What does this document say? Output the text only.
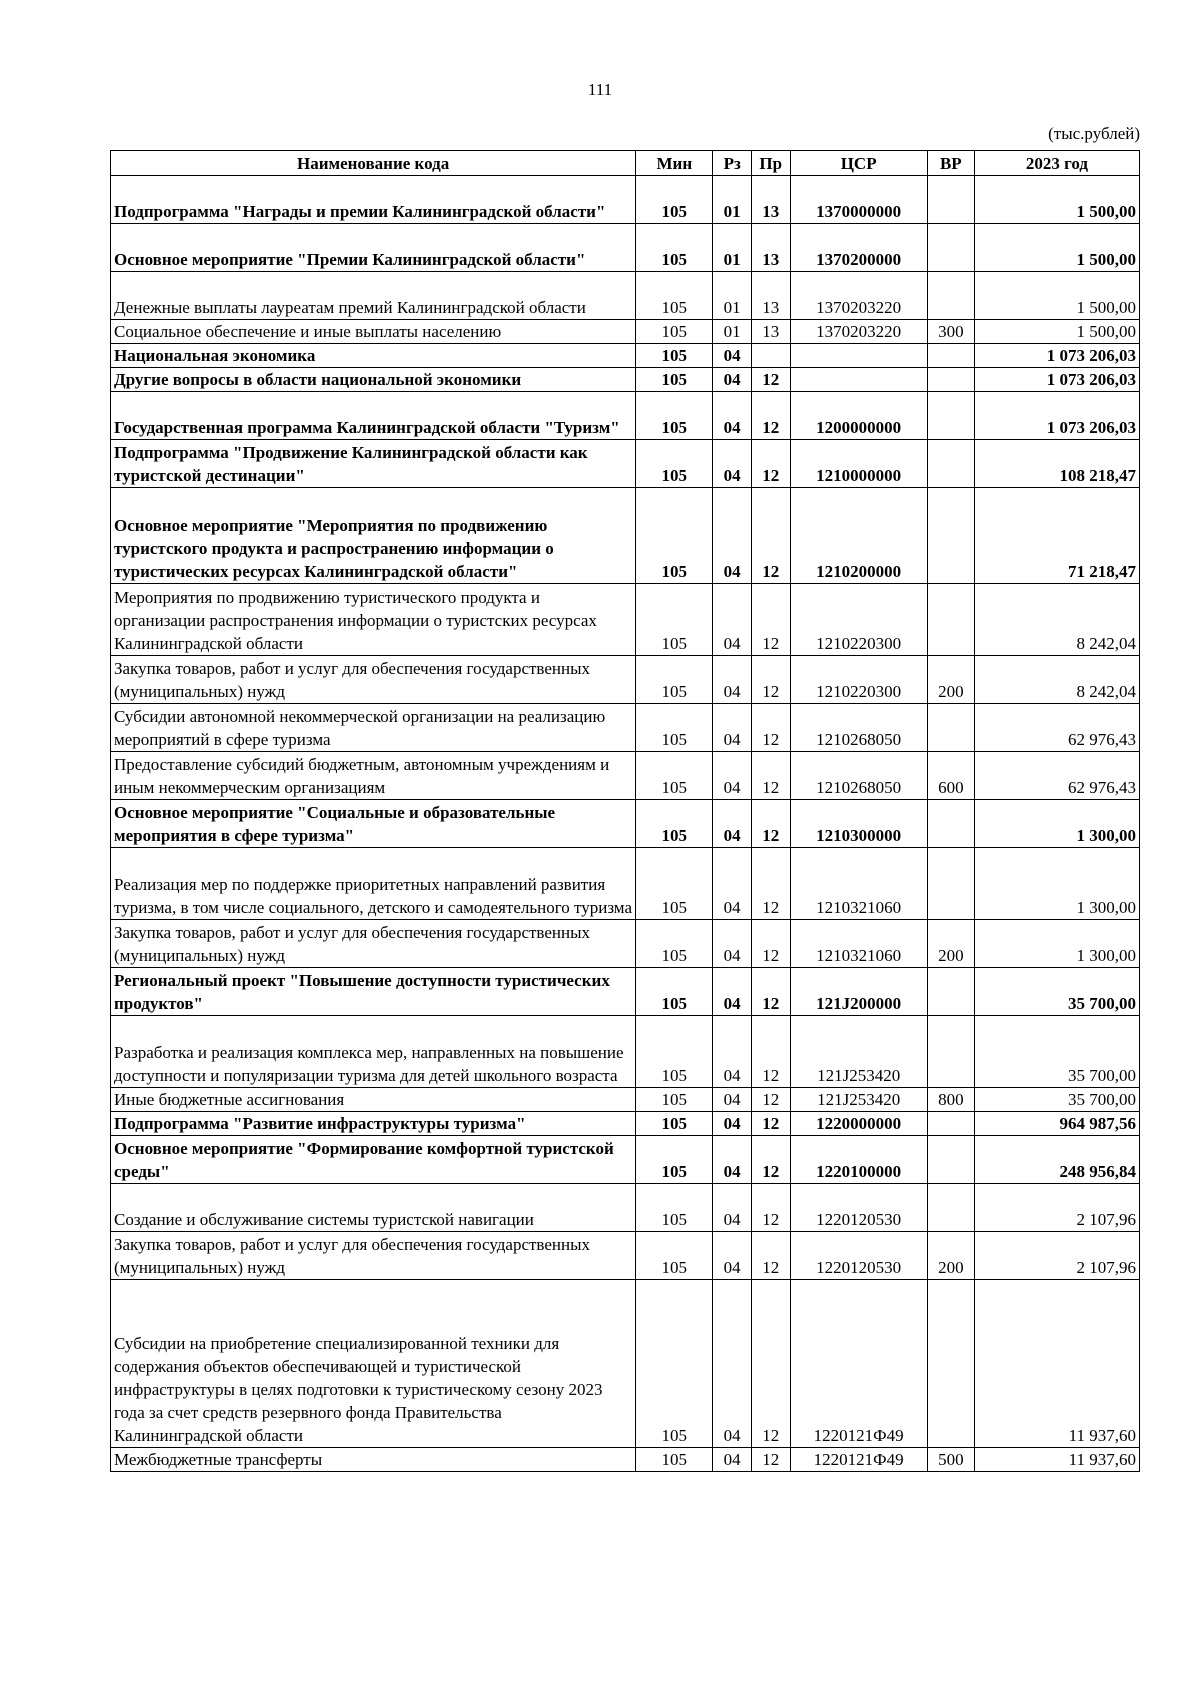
111
(тыс.рублей)
Наименование кода	Мин	Рз	Пр	ЦСР	ВР	2023 год
Подпрограмма "Награды и премии Калининградской области"	105	01	13	1370000000		1 500,00
Основное мероприятие "Премии Калининградской области"	105	01	13	1370200000		1 500,00
Денежные выплаты лауреатам премий Калининградской области	105	01	13	1370203220		1 500,00
Социальное обеспечение и иные выплаты населению	105	01	13	1370203220	300	1 500,00
Национальная экономика	105	04				1 073 206,03
Другие вопросы в области национальной экономики	105	04	12			1 073 206,03
Государственная программа Калининградской области "Туризм"	105	04	12	1200000000		1 073 206,03
Подпрограмма "Продвижение Калининградской области как туристской дестинации"	105	04	12	1210000000		108 218,47
Основное мероприятие "Мероприятия по продвижению туристского продукта и распространению информации о туристических ресурсах Калининградской области"	105	04	12	1210200000		71 218,47
Мероприятия по продвижению туристического продукта и организации распространения информации о туристских ресурсах Калининградской области	105	04	12	1210220300		8 242,04
Закупка товаров, работ и услуг для обеспечения государственных (муниципальных) нужд	105	04	12	1210220300	200	8 242,04
Субсидии автономной некоммерческой организации на реализацию мероприятий в сфере туризма	105	04	12	1210268050		62 976,43
Предоставление субсидий бюджетным, автономным учреждениям и иным некоммерческим организациям	105	04	12	1210268050	600	62 976,43
Основное мероприятие "Социальные и образовательные мероприятия в сфере туризма"	105	04	12	1210300000		1 300,00
Реализация мер по поддержке приоритетных направлений развития туризма, в том числе социального, детского и самодеятельного туризма	105	04	12	1210321060		1 300,00
Закупка товаров, работ и услуг для обеспечения государственных (муниципальных) нужд	105	04	12	1210321060	200	1 300,00
Региональный проект "Повышение доступности туристических продуктов"	105	04	12	121J200000		35 700,00
Разработка и реализация комплекса мер, направленных на повышение доступности и популяризации туризма для детей школьного возраста	105	04	12	121J253420		35 700,00
Иные бюджетные ассигнования	105	04	12	121J253420	800	35 700,00
Подпрограмма "Развитие инфраструктуры туризма"	105	04	12	1220000000		964 987,56
Основное мероприятие "Формирование комфортной туристской среды"	105	04	12	1220100000		248 956,84
Создание и обслуживание системы туристской навигации	105	04	12	1220120530		2 107,96
Закупка товаров, работ и услуг для обеспечения государственных (муниципальных) нужд	105	04	12	1220120530	200	2 107,96
Субсидии на приобретение специализированной техники для содержания объектов обеспечивающей и туристической инфраструктуры в целях подготовки к туристическому сезону 2023 года за счет средств резервного фонда Правительства Калининградской области	105	04	12	1220121Ф49		11 937,60
Межбюджетные трансферты	105	04	12	1220121Ф49	500	11 937,60
